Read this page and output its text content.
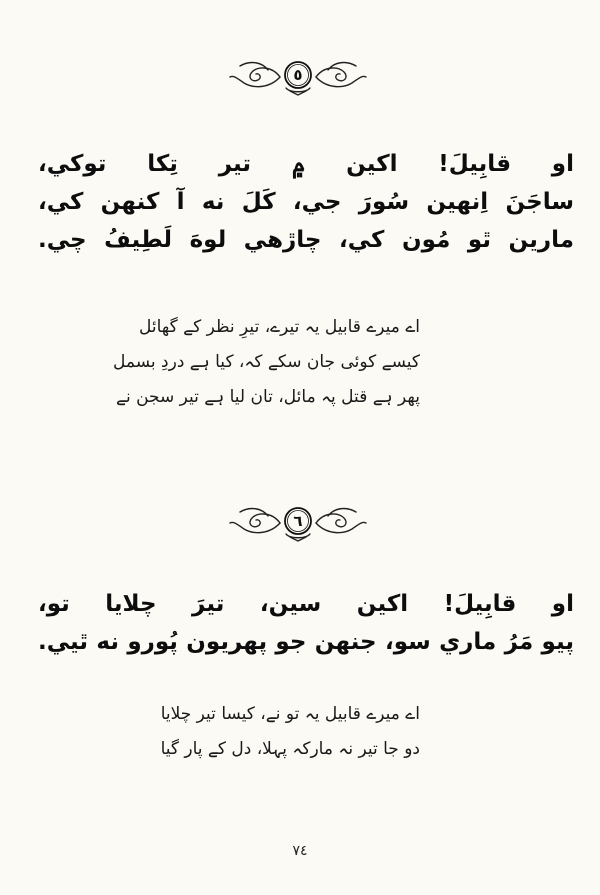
٥
او قابِيلَ! اکين ۾ تير تِکا توکي،
ساجَنَ اِنهين سُورَ جي، کَلَ نه آ کنهن کي،
مارين ٿو مُون کي، چاڙهي لوهَ لَطِيفُ چي.
اے میرے قابیل یہ تیرے، تیرِ نظر کے گھائل
کیسے کوئی جان سکے کہ، کیا ہے دردِ بسمل
پھر ہے قتل پہ مائل، تان لیا ہے تیر سجن نے
٦
او قابِيلَ! اکين سين، تيرَ چلايا تو،
پيو مَرُ ماري سو، جنهن جو پهريون پُورو نه ٿيي.
اے میرے قابیل یہ تو نے، کیسا تیر چلایا
دو جا تیر نہ مارکہ پہلا، دل کے پار گیا
٧٤
